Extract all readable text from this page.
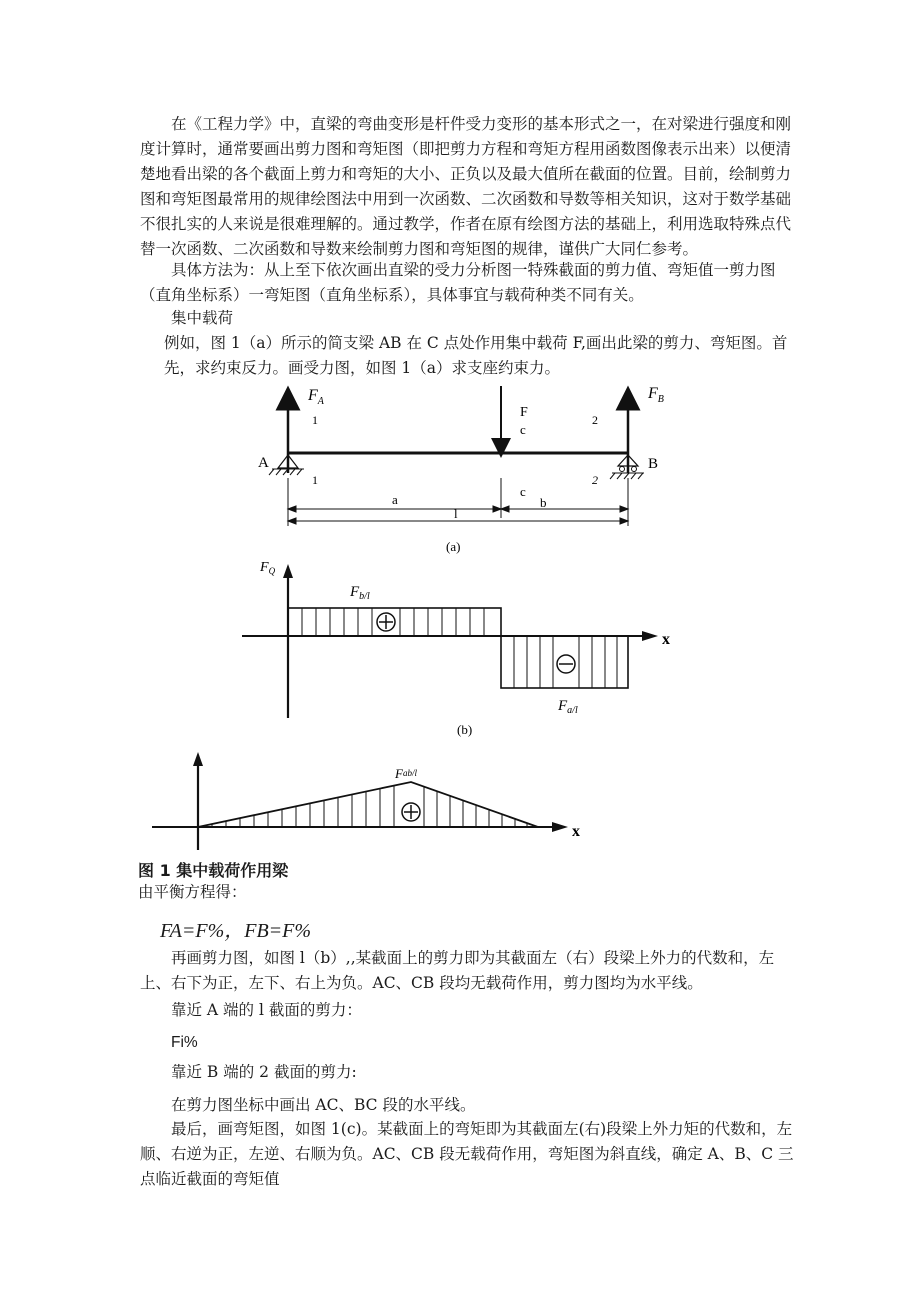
在《工程力学》中，直梁的弯曲变形是杆件受力变形的基本形式之一，在对梁进行强度和刚度计算时，通常要画出剪力图和弯矩图（即把剪力方程和弯矩方程用函数图像表示出来）以便清楚地看出梁的各个截面上剪力和弯矩的大小、正负以及最大值所在截面的位置。目前，绘制剪力图和弯矩图最常用的规律绘图法中用到一次函数、二次函数和导数等相关知识，这对于数学基础不很扎实的人来说是很难理解的。通过教学，作者在原有绘图方法的基础上，利用选取特殊点代替一次函数、二次函数和导数来绘制剪力图和弯矩图的规律，谨供广大同仁参考。

具体方法为：从上至下依次画出直梁的受力分析图一特殊截面的剪力值、弯矩值一剪力图（直角坐标系）一弯矩图（直角坐标系），具体事宜与载荷种类不同有关。

集中载荷

例如，图 1（a）所示的简支梁 AB 在 C 点处作用集中载荷 F,画出此梁的剪力、弯矩图。首先，求约束反力。画受力图，如图 1（a）求支座约束力。

A	B
$F_A$	$F_B$
F
c
c
1
1
2
2
a	b
l
(a)
$F_Q$
x
$F_{b/l}$
$F_{a/l}$
(b)
Fab/l
x
图 1 集中载荷作用梁
由平衡方程得：
FA=F%，FB=F%

再画剪力图，如图 l（b）,,某截面上的剪力即为其截面左（右）段梁上外力的代数和，左上、右下为正，左下、右上为负。AC、CB 段均无载荷作用，剪力图均为水平线。

靠近 A 端的 l 截面的剪力：

Fi%

靠近 B 端的 2 截面的剪力:

在剪力图坐标中画出 AC、BC 段的水平线。

最后，画弯矩图，如图 1(c)。某截面上的弯矩即为其截面左(右)段梁上外力矩的代数和，左顺、右逆为正，左逆、右顺为负。AC、CB 段无载荷作用，弯矩图为斜直线，确定 A、B、C 三点临近截面的弯矩值
